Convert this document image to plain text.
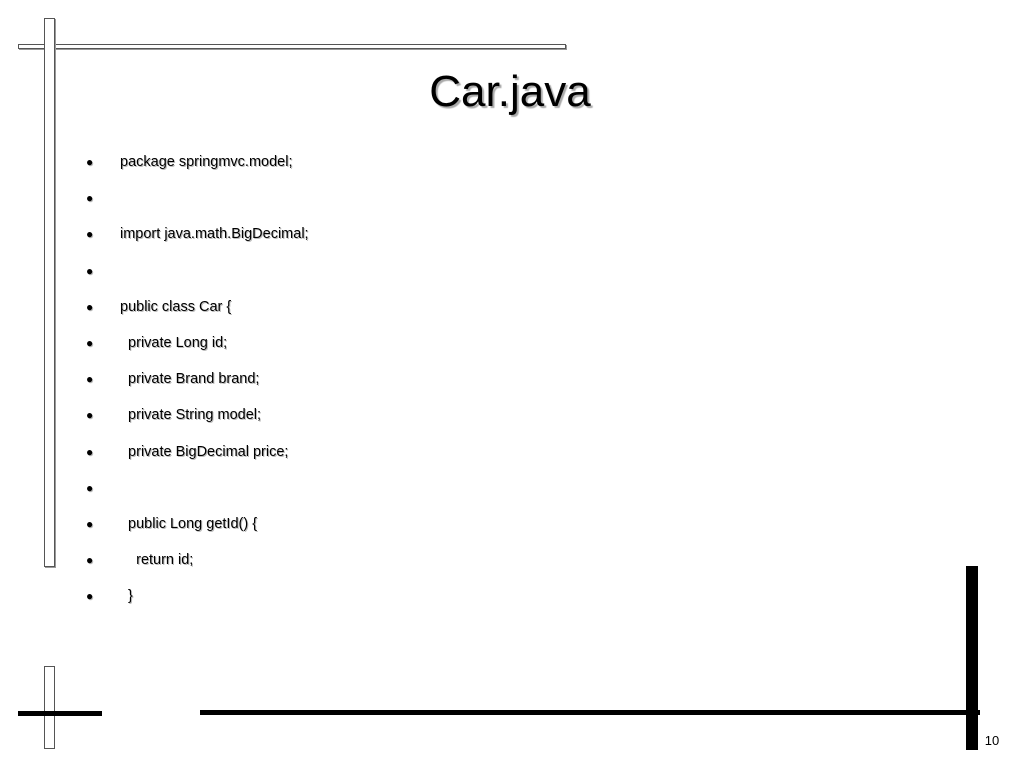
Car.java
●	package springmvc.model;
●
●	import java.math.BigDecimal;
●
●	public class Car {
●	private Long id;
●	private Brand brand;
●	private String model;
●	private BigDecimal price;
●
●	public Long getId() {
●	return id;
●	}
10
